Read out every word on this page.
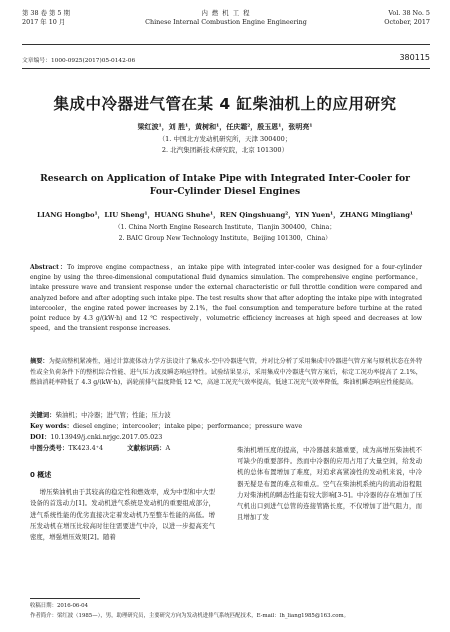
第 38 卷 第 5 期
2017 年 10 月
内 燃 机 工 程
Chinese Internal Combustion Engine Engineering
Vol. 38 No. 5
October, 2017
文章编号：1000-0925(2017)05-0142-06	380115
集成中冷器进气管在某 4 缸柴油机上的应用研究
梁红波¹，刘 胜¹，黄树和¹，任庆霜²，殷玉恩¹，张明亮¹
（1. 中国北方发动机研究所，天津 300400；
2. 北汽集团新技术研究院，北京 101300）
Research on Application of Intake Pipe with Integrated Inter-Cooler for
Four-Cylinder Diesel Engines
LIANG Hongbo¹，LIU Sheng¹，HUANG Shuhe¹，REN Qingshuang²，YIN Yuen¹，ZHANG Mingliang¹
（1. China North Engine Research Institute，Tianjin 300400，China；
2. BAIC Group New Technology Institute，Beijing 101300，China）
Abstract：To improve engine compactness，an intake pipe with integrated inter-cooler was designed for a four-cylinder engine by using the three-dimensional computational fluid dynamics simulation. The comprehensive engine performance，intake pressure wave and transient response under the external characteristic or full throttle condition were compared and analyzed before and after adopting such intake pipe. The test results show that after adopting the intake pipe with integrated intercooler，the engine rated power increases by 2.1%，the fuel consumption and temperature before turbine at the rated point reduce by 4.3 g/(kW·h) and 12 ℃ respectively，volumetric efficiency increases at high speed and decreases at low speed，and the transient response increases.
摘要：为提高整机紧凑性，通过计算流体动力学方法设计了集成水-空中冷器进气管，并对比分析了采用集成中冷器进气管方案与原机状态在外特性或全负荷条件下的整机综合性能、进气压力波及瞬态响应特性。试验结果显示，采用集成中冷器进气管方案后，标定工况功率提高了 2.1%，燃油消耗率降低了 4.3 g/(kW·h)，涡轮前排气温度降低 12 ℃，高速工况充气效率提高，低速工况充气效率降低，柴油机瞬态响应性能提高。
关键词：柴油机；中冷器；进气管；性能；压力波
Key words：diesel engine；intercooler；intake pipe；performance；pressure wave
DOI：10.13949/j.cnki.nrjgc.2017.05.023
中图分类号：TK423.4⁺4	文献标识码：A
0 概述
增压柴油机由于其较高的稳定性和燃效率，成为中型和中大型设备的首选动力[1]。发动机进气系统是发动机的重要组成部分，进气系统性能的优劣直接决定着发动机乃至整车性能的高低。增压发动机在增压比较高时往往需要进气中冷，以进一步提高充气密度，增强增压效果[2]。随着
柴油机增压度的提高，中冷器越来越重要，成为高增压柴油机不可缺少的重要部件。然而中冷器的应用占用了大量空间，给发动机的总体布置增加了难度，对追求高紧凑性的发动机来说，中冷器无疑是布置的难点和重点。空气在柴油机系统内的流动沿程阻力对柴油机的瞬态性能有较大影响[3-5]。中冷器的存在增加了压气机出口到进气总管的连接管路长度，不仅增加了进气阻力，而且增加了发
收稿日期：2016-06-04
作者简介：梁红波（1985—），男，助理研究员，主要研究方向为发动机进排气系统匹配技术，E-mail：lh_liang1985@163.com。
